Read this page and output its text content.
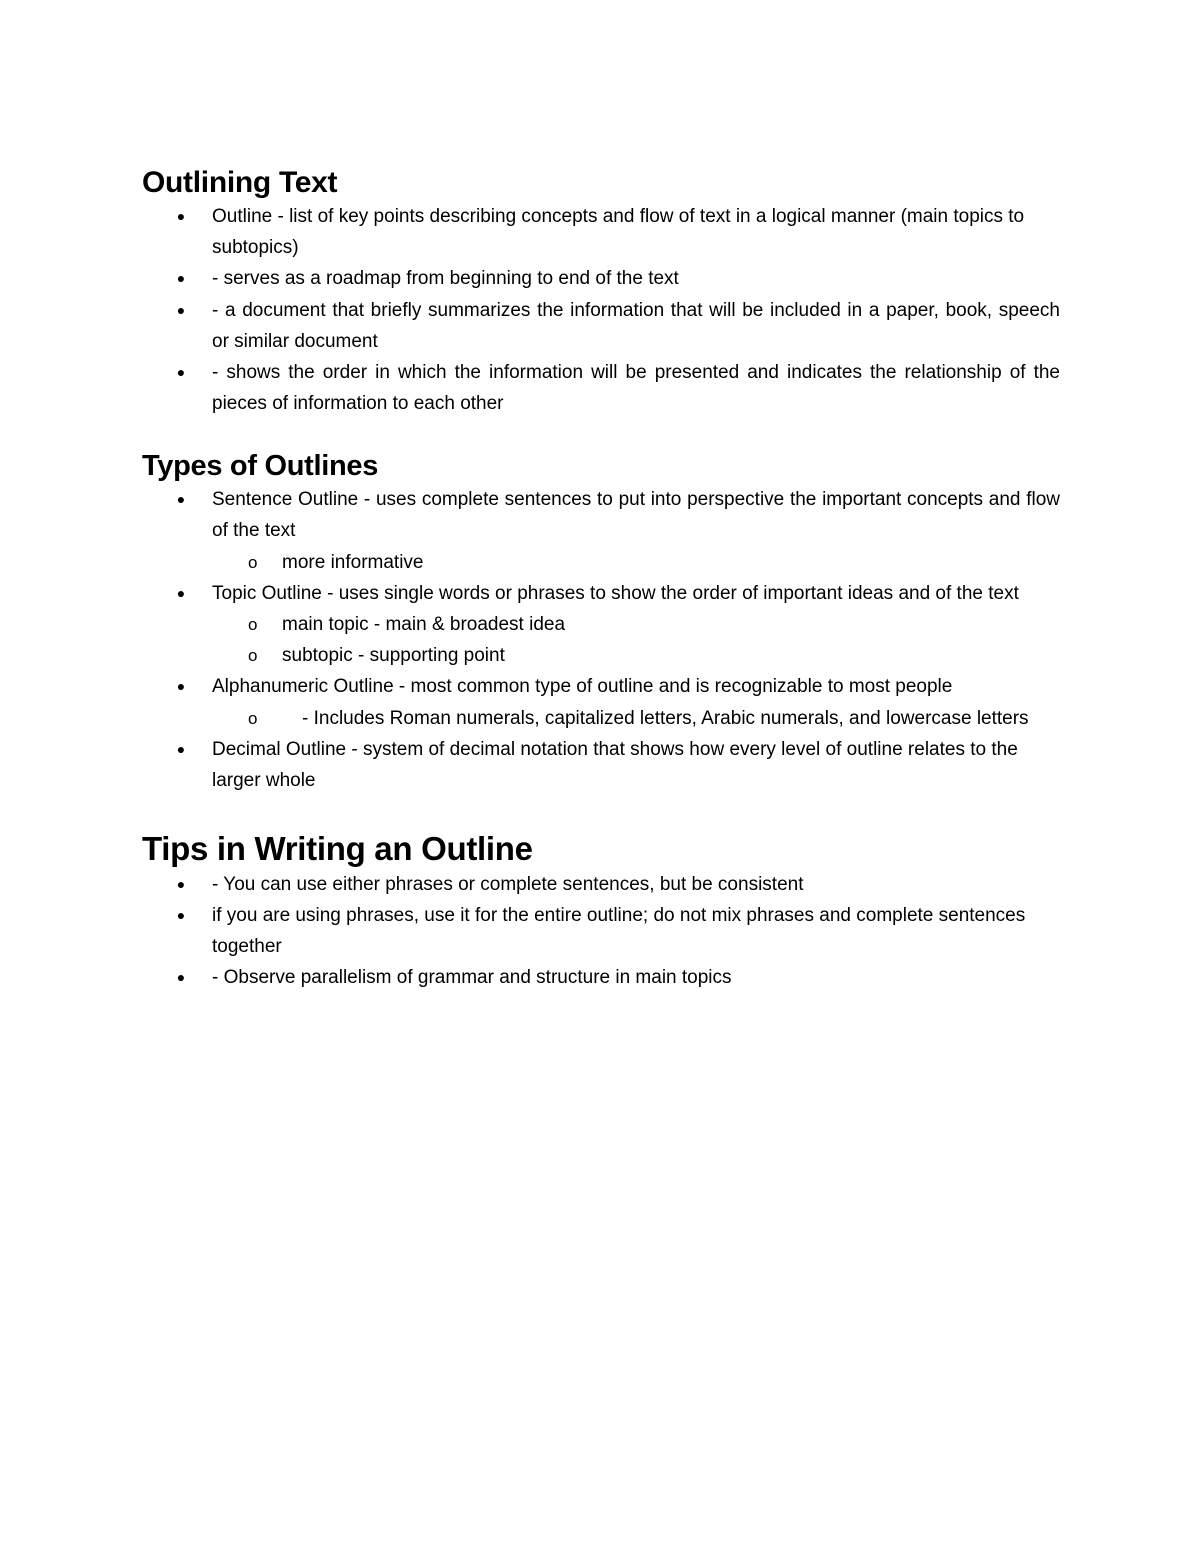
Outlining Text
● Outline - list of key points describing concepts and flow of text in a logical manner (main topics to subtopics)
● - serves as a roadmap from beginning to end of the text
● - a document that briefly summarizes the information that will be included in a paper, book, speech or similar document
● - shows the order in which the information will be presented and indicates the relationship of the pieces of information to each other
Types of Outlines
● Sentence Outline - uses complete sentences to put into perspective the important concepts and flow of the text
o more informative
● Topic Outline - uses single words or phrases to show the order of important ideas and of the text
o main topic - main & broadest idea
o subtopic - supporting point
● Alphanumeric Outline - most common type of outline and is recognizable to most people
o - Includes Roman numerals, capitalized letters, Arabic numerals, and lowercase letters
● Decimal Outline - system of decimal notation that shows how every level of outline relates to the larger whole
Tips in Writing an Outline
● - You can use either phrases or complete sentences, but be consistent
● if you are using phrases, use it for the entire outline; do not mix phrases and complete sentences together
● - Observe parallelism of grammar and structure in main topics
